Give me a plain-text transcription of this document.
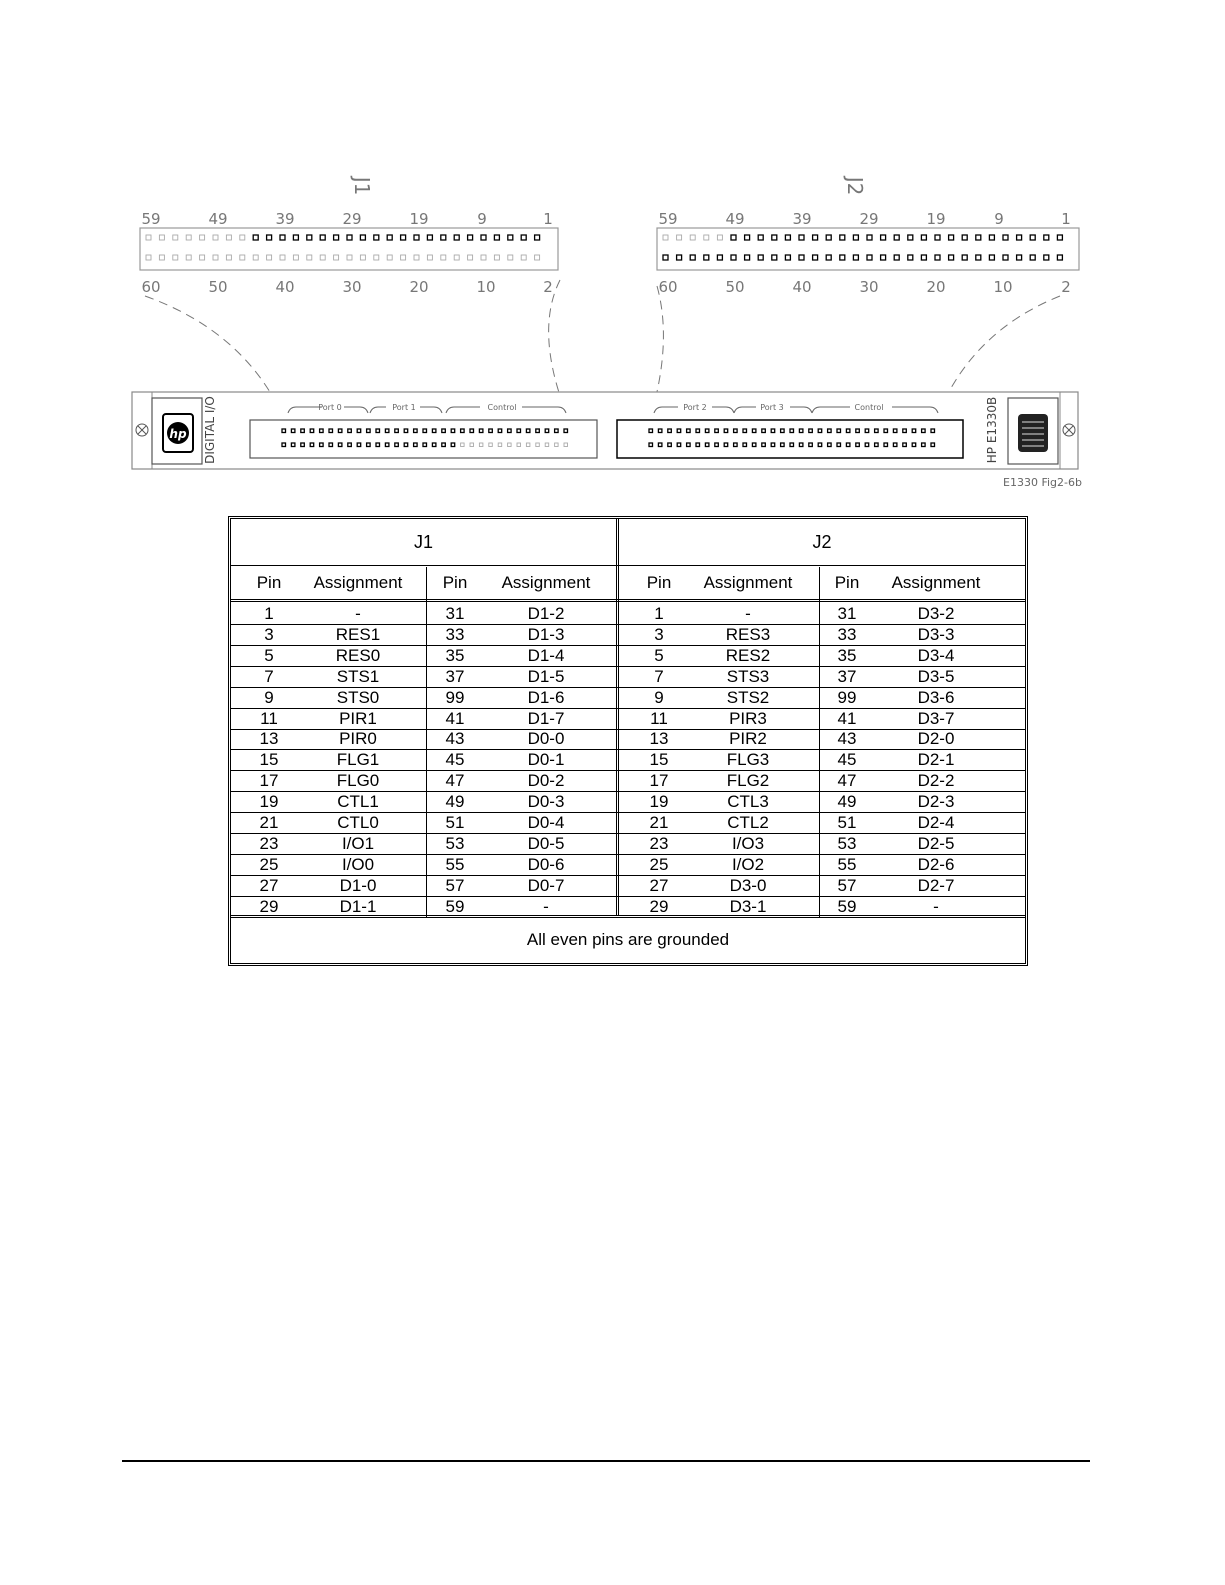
J1	J2
59	49	39	29	19	9	1
60	50	40	30	20	10	2
59	49	39	29	19	9	1
60	50	40	30	20	10	2
hp DIGITAL I/O	HP E1330B
Port 0	Port 1	Control	Port 2	Port 3	Control
E1330 Fig2-6b
J1	J2
Pin	Assignment	Pin	Assignment	Pin	Assignment	Pin	Assignment
1	-	31	D1-2	1	-	31	D3-2
3	RES1	33	D1-3	3	RES3	33	D3-3
5	RES0	35	D1-4	5	RES2	35	D3-4
7	STS1	37	D1-5	7	STS3	37	D3-5
9	STS0	99	D1-6	9	STS2	99	D3-6
11	PIR1	41	D1-7	11	PIR3	41	D3-7
13	PIR0	43	D0-0	13	PIR2	43	D2-0
15	FLG1	45	D0-1	15	FLG3	45	D2-1
17	FLG0	47	D0-2	17	FLG2	47	D2-2
19	CTL1	49	D0-3	19	CTL3	49	D2-3
21	CTL0	51	D0-4	21	CTL2	51	D2-4
23	I/O1	53	D0-5	23	I/O3	53	D2-5
25	I/O0	55	D0-6	25	I/O2	55	D2-6
27	D1-0	57	D0-7	27	D3-0	57	D2-7
29	D1-1	59	-	29	D3-1	59	-
All even pins are grounded
